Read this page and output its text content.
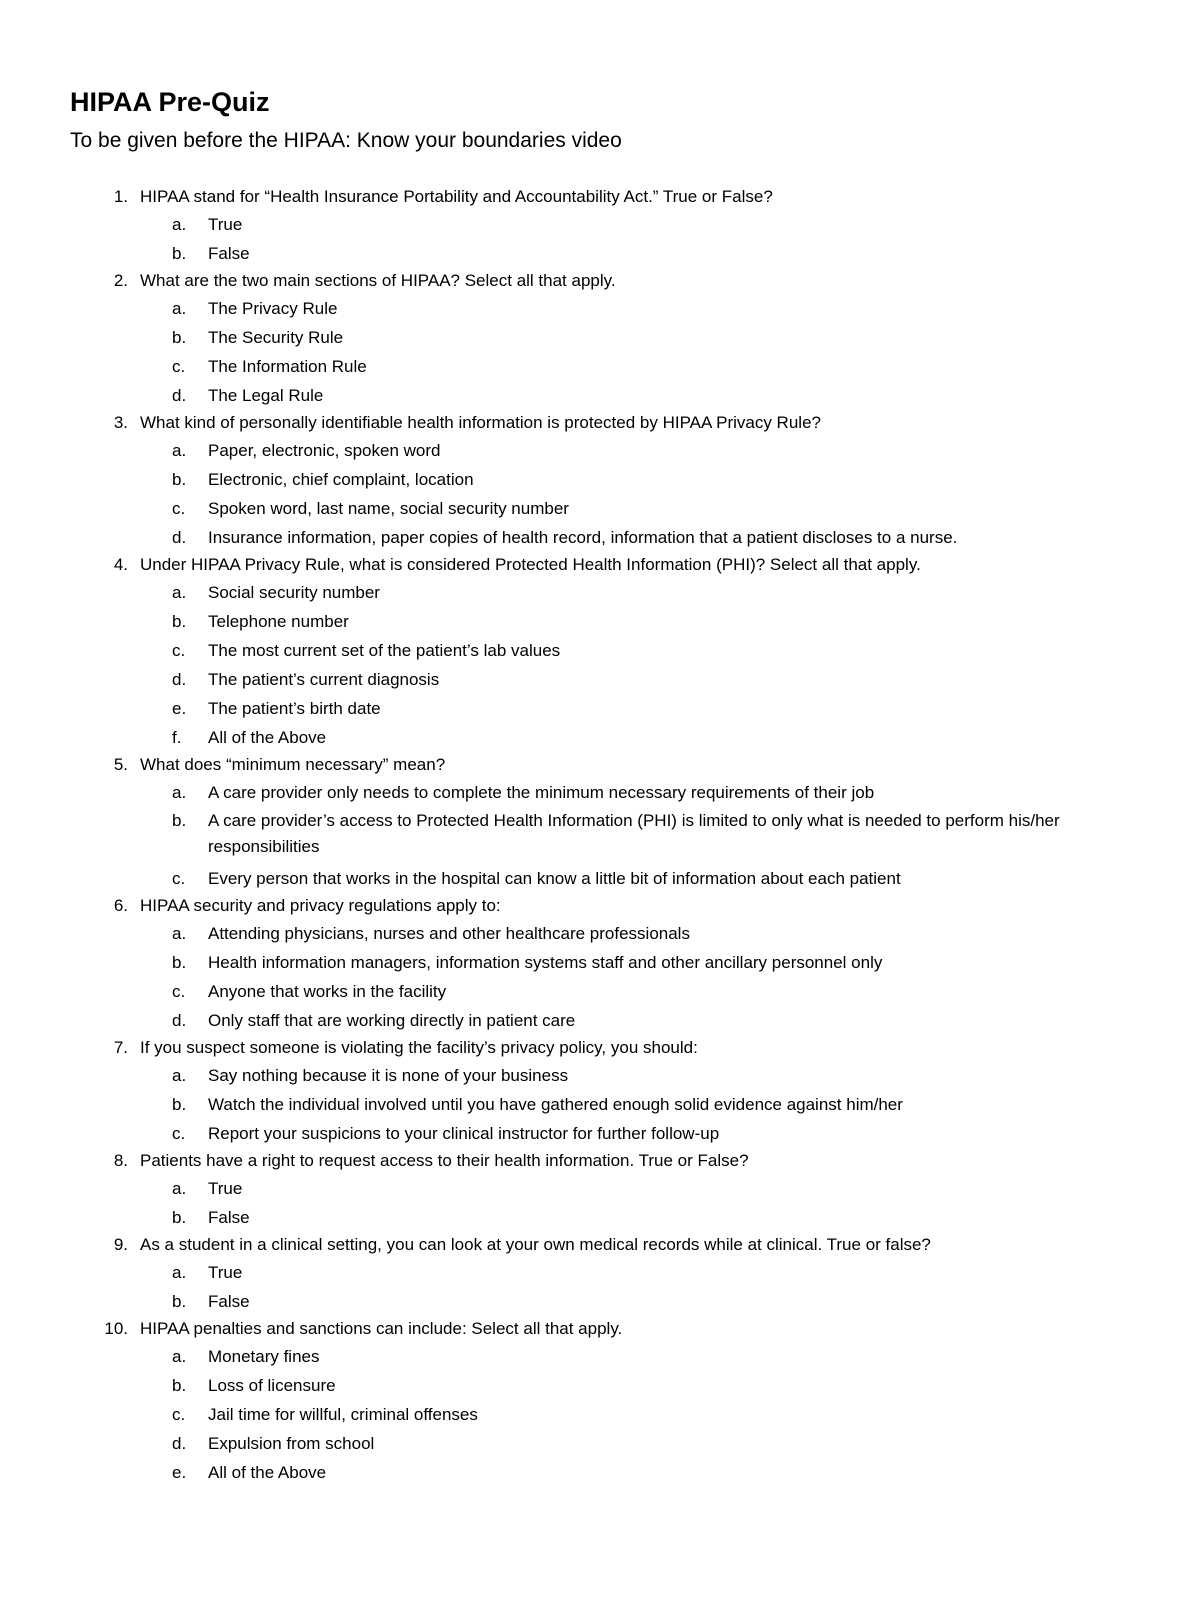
HIPAA Pre-Quiz
To be given before the HIPAA: Know your boundaries video
1. HIPAA stand for “Health Insurance Portability and Accountability Act.” True or False?
a.	True
b.	False
2. What are the two main sections of HIPAA? Select all that apply.
a.	The Privacy Rule
b.	The Security Rule
c.	The Information Rule
d.	The Legal Rule
3. What kind of personally identifiable health information is protected by HIPAA Privacy Rule?
a.	Paper, electronic, spoken word
b.	Electronic, chief complaint, location
c.	Spoken word, last name, social security number
d.	Insurance information, paper copies of health record, information that a patient discloses to a nurse.
4. Under HIPAA Privacy Rule, what is considered Protected Health Information (PHI)? Select all that apply.
a.	Social security number
b.	Telephone number
c.	The most current set of the patient’s lab values
d.	The patient’s current diagnosis
e.	The patient’s birth date
f.	All of the Above
5. What does “minimum necessary” mean?
a.	A care provider only needs to complete the minimum necessary requirements of their job
b.	A care provider’s access to Protected Health Information (PHI) is limited to only what is needed to perform his/her responsibilities
c.	Every person that works in the hospital can know a little bit of information about each patient
6. HIPAA security and privacy regulations apply to:
a.	Attending physicians, nurses and other healthcare professionals
b.	Health information managers, information systems staff and other ancillary personnel only
c.	Anyone that works in the facility
d.	Only staff that are working directly in patient care
7. If you suspect someone is violating the facility’s privacy policy, you should:
a.	Say nothing because it is none of your business
b.	Watch the individual involved until you have gathered enough solid evidence against him/her
c.	Report your suspicions to your clinical instructor for further follow-up
8. Patients have a right to request access to their health information. True or False?
a.	True
b.	False
9. As a student in a clinical setting, you can look at your own medical records while at clinical. True or false?
a.	True
b.	False
10. HIPAA penalties and sanctions can include: Select all that apply.
a.	Monetary fines
b.	Loss of licensure
c.	Jail time for willful, criminal offenses
d.	Expulsion from school
e.	All of the Above
